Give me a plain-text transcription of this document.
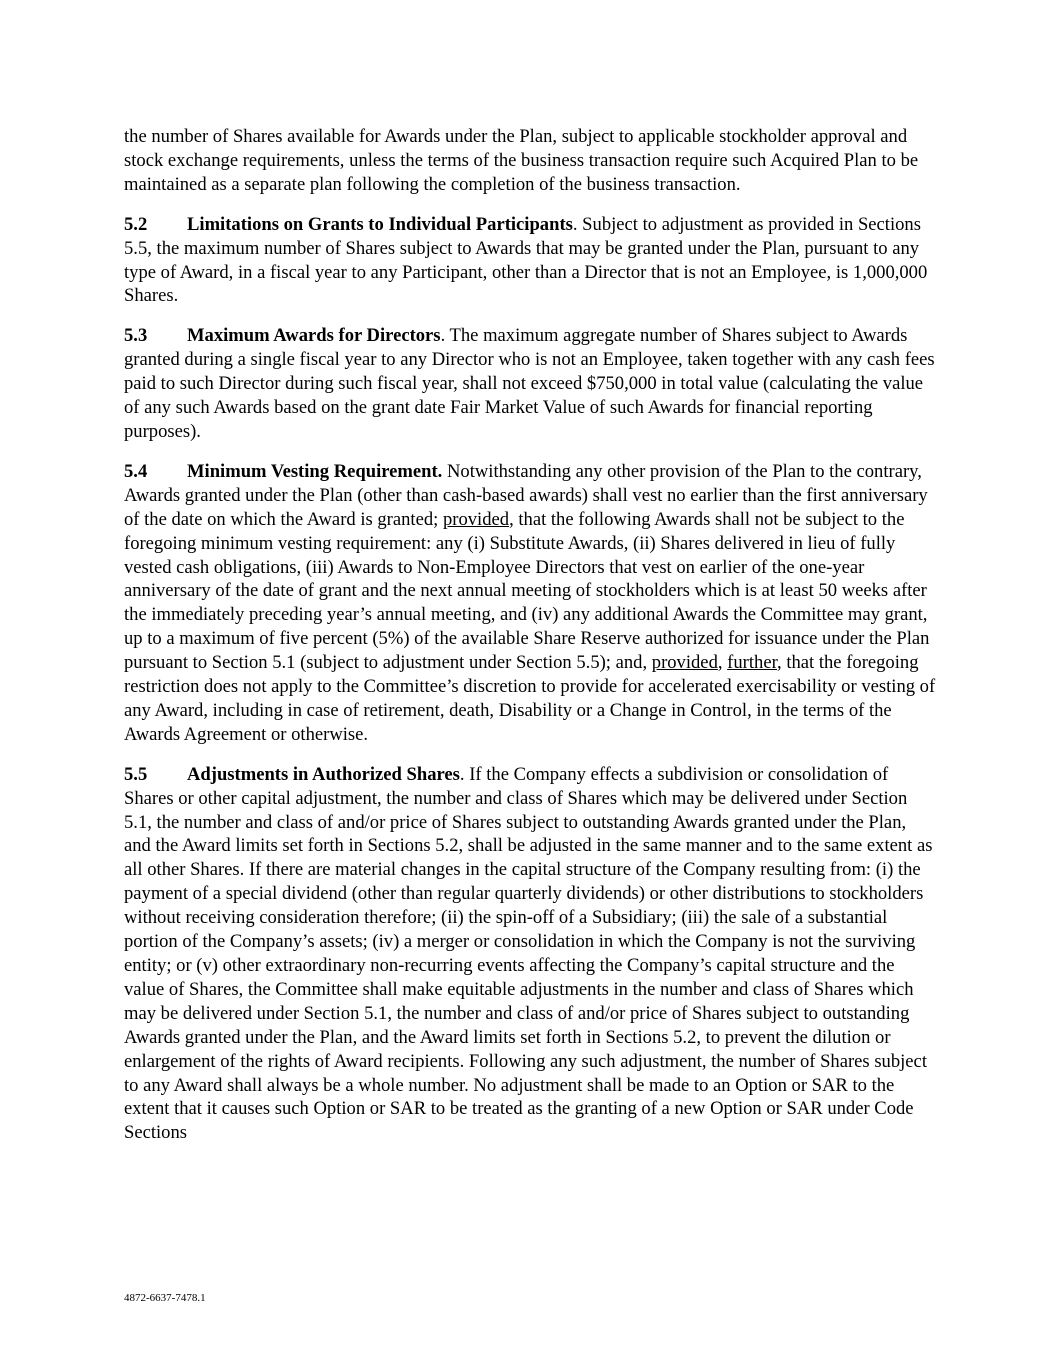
the number of Shares available for Awards under the Plan, subject to applicable stockholder approval and stock exchange requirements, unless the terms of the business transaction require such Acquired Plan to be maintained as a separate plan following the completion of the business transaction.

5.2 Limitations on Grants to Individual Participants. Subject to adjustment as provided in Sections 5.5, the maximum number of Shares subject to Awards that may be granted under the Plan, pursuant to any type of Award, in a fiscal year to any Participant, other than a Director that is not an Employee, is 1,000,000 Shares.

5.3 Maximum Awards for Directors. The maximum aggregate number of Shares subject to Awards granted during a single fiscal year to any Director who is not an Employee, taken together with any cash fees paid to such Director during such fiscal year, shall not exceed $750,000 in total value (calculating the value of any such Awards based on the grant date Fair Market Value of such Awards for financial reporting purposes).

5.4 Minimum Vesting Requirement. Notwithstanding any other provision of the Plan to the contrary, Awards granted under the Plan (other than cash-based awards) shall vest no earlier than the first anniversary of the date on which the Award is granted; provided, that the following Awards shall not be subject to the foregoing minimum vesting requirement: any (i) Substitute Awards, (ii) Shares delivered in lieu of fully vested cash obligations, (iii) Awards to Non-Employee Directors that vest on earlier of the one-year anniversary of the date of grant and the next annual meeting of stockholders which is at least 50 weeks after the immediately preceding year’s annual meeting, and (iv) any additional Awards the Committee may grant, up to a maximum of five percent (5%) of the available Share Reserve authorized for issuance under the Plan pursuant to Section 5.1 (subject to adjustment under Section 5.5); and, provided, further, that the foregoing restriction does not apply to the Committee’s discretion to provide for accelerated exercisability or vesting of any Award, including in case of retirement, death, Disability or a Change in Control, in the terms of the Awards Agreement or otherwise.

5.5 Adjustments in Authorized Shares. If the Company effects a subdivision or consolidation of Shares or other capital adjustment, the number and class of Shares which may be delivered under Section 5.1, the number and class of and/or price of Shares subject to outstanding Awards granted under the Plan, and the Award limits set forth in Sections 5.2, shall be adjusted in the same manner and to the same extent as all other Shares. If there are material changes in the capital structure of the Company resulting from: (i) the payment of a special dividend (other than regular quarterly dividends) or other distributions to stockholders without receiving consideration therefore; (ii) the spin-off of a Subsidiary; (iii) the sale of a substantial portion of the Company’s assets; (iv) a merger or consolidation in which the Company is not the surviving entity; or (v) other extraordinary non-recurring events affecting the Company’s capital structure and the value of Shares, the Committee shall make equitable adjustments in the number and class of Shares which may be delivered under Section 5.1, the number and class of and/or price of Shares subject to outstanding Awards granted under the Plan, and the Award limits set forth in Sections 5.2, to prevent the dilution or enlargement of the rights of Award recipients. Following any such adjustment, the number of Shares subject to any Award shall always be a whole number. No adjustment shall be made to an Option or SAR to the extent that it causes such Option or SAR to be treated as the granting of a new Option or SAR under Code Sections

4872-6637-7478.1
